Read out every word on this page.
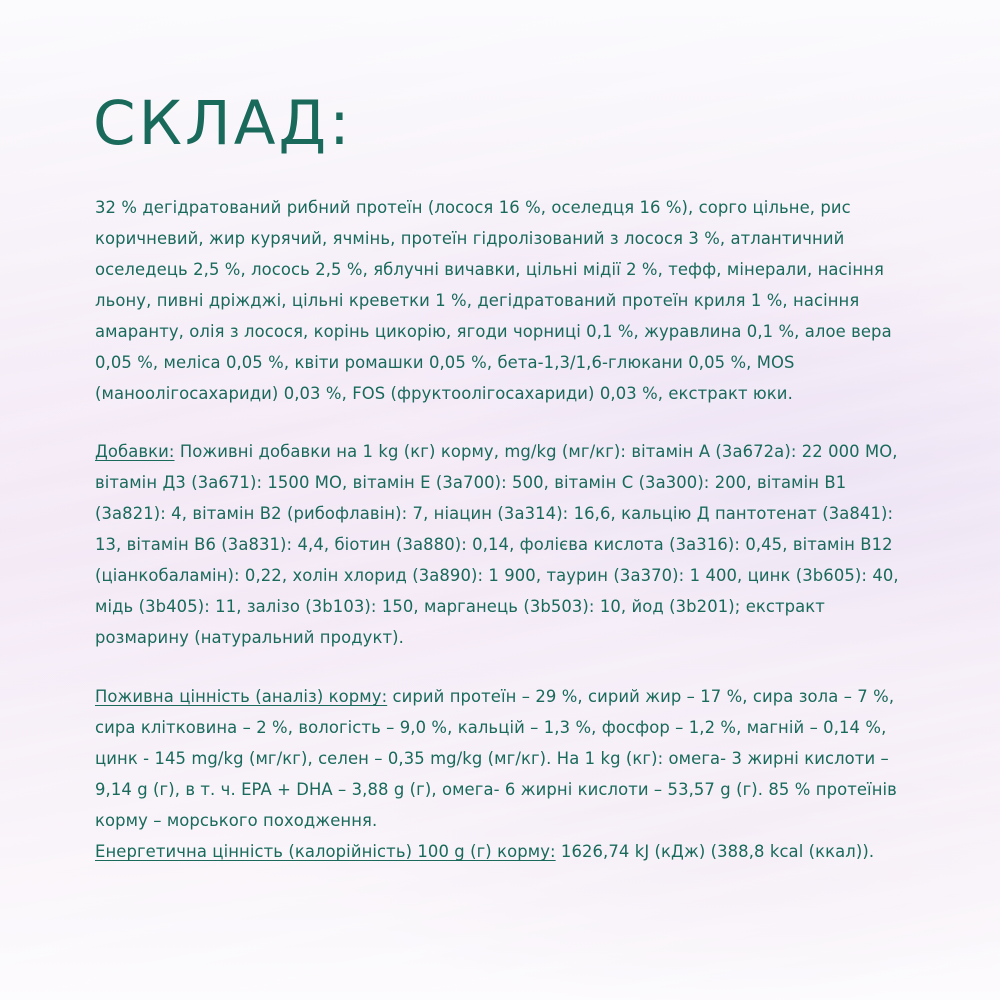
СКЛАД:

32 % дегідратований рибний протеїн (лосося 16 %, оселедця 16 %), сорго цільне, рис коричневий, жир курячий, ячмінь, протеїн гідролізований з лосося 3 %, атлантичний оселедець 2,5 %, лосось 2,5 %, яблучні вичавки, цільні мідії 2 %, тефф, мінерали, насіння льону, пивні дріжджі, цільні креветки 1 %, дегідратований протеїн криля 1 %, насіння амаранту, олія з лосося, корінь цикорію, ягоди чорниці 0,1 %, журавлина 0,1 %, алое вера 0,05 %, меліса 0,05 %, квіти ромашки 0,05 %, бета-1,3/1,6-глюкани 0,05 %, MOS (маноолігосахариди) 0,03 %, FOS (фруктоолігосахариди) 0,03 %, екстракт юки.

Добавки: Поживні добавки на 1 kg (кг) корму, mg/kg (мг/кг): вітамін А (3а672а): 22 000 МО, вітамін Д3 (3а671): 1500 МО, вітамін Е (3а700): 500, вітамін С (3а300): 200, вітамін В1 (3а821): 4, вітамін В2 (рибофлавін): 7, ніацин (3а314): 16,6, кальцію Д пантотенат (3а841): 13, вітамін В6 (3а831): 4,4, біотин (3а880): 0,14, фолієва кислота (3а316): 0,45, вітамін В12 (ціанкобаламін): 0,22, холін хлорид (3а890): 1 900, таурин (3а370): 1 400, цинк (3b605): 40, мідь (3b405): 11, залізо (3b103): 150, марганець (3b503): 10, йод (3b201); екстракт розмарину (натуральний продукт).

Поживна цінність (аналіз) корму: сирий протеїн – 29 %, сирий жир – 17 %, сира зола – 7 %, сира клітковина – 2 %, вологість – 9,0 %, кальцій – 1,3 %, фосфор – 1,2 %, магній – 0,14 %, цинк - 145 mg/kg (мг/кг), селен – 0,35 mg/kg (мг/кг). На 1 kg (кг): омега- 3 жирні кислоти – 9,14 g (г), в т. ч. EPA + DHA – 3,88 g (г), омега- 6 жирні кислоти – 53,57 g (г). 85 % протеїнів корму – морського походження.
Енергетична цінність (калорійність) 100 g (г) корму: 1626,74 kJ (кДж) (388,8 kcal (ккал)).
